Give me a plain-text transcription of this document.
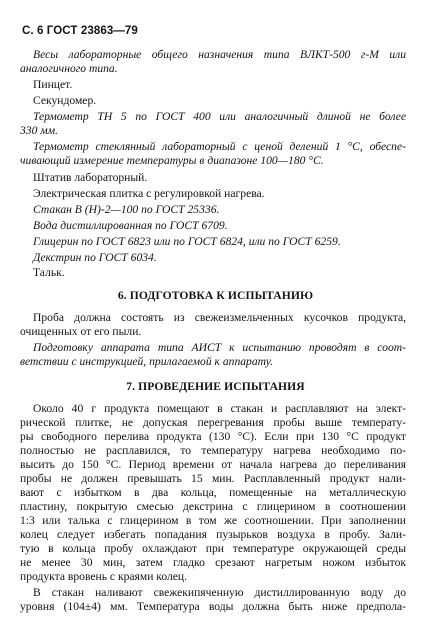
С. 6 ГОСТ 23863—79
Весы лабораторные общего назначения типа ВЛКТ-500 г-М или
аналогичного типа.
Пинцет.
Секундомер.
Термометр ТН 5 по ГОСТ 400 или аналогичный длиной не более
330 мм.
Термометр стеклянный лабораторный с ценой делений 1 °С, обеспе-
чивающий измерение температуры в диапазоне 100—180 °С.
Штатив лабораторный.
Электрическая плитка с регулировкой нагрева.
Стакан В (Н)-2—100 по ГОСТ 25336.
Вода дистиллированная по ГОСТ 6709.
Глицерин по ГОСТ 6823 или по ГОСТ 6824, или по ГОСТ 6259.
Декстрин по ГОСТ 6034.
Тальк.
6. ПОДГОТОВКА К ИСПЫТАНИЮ
Проба должна состоять из свежеизмельченных кусочков продукта,
очищенных от его пыли.
Подготовку аппарата типа АИСТ к испытанию проводят в соот-
ветствии с инструкцией, прилагаемой к аппарату.
7. ПРОВЕДЕНИЕ ИСПЫТАНИЯ
Около 40 г продукта помещают в стакан и расплавляют на элект-
рической плитке, не допуская перегревания пробы выше температу-
ры свободного перелива продукта (130 °С). Если при 130 °С продукт
полностью не расплавился, то температуру нагрева необходимо по-
высить до 150 °С. Период времени от начала нагрева до переливания
пробы не должен превышать 15 мин. Расплавленный продукт нали-
вают с избытком в два кольца, помещенные на металлическую
пластину, покрытую смесью декстрина с глицерином в соотношении
1:3 или талька с глицерином в том же соотношении. При заполнении
колец следует избегать попадания пузырьков воздуха в пробу. Зали-
тую в кольца пробу охлаждают при температуре окружающей среды
не менее 30 мин, затем гладко срезают нагретым ножом избыток
продукта вровень с краями колец.
В стакан наливают свежекипяченную дистиллированную воду до
уровня (104±4) мм. Температура воды должна быть ниже предпола-
